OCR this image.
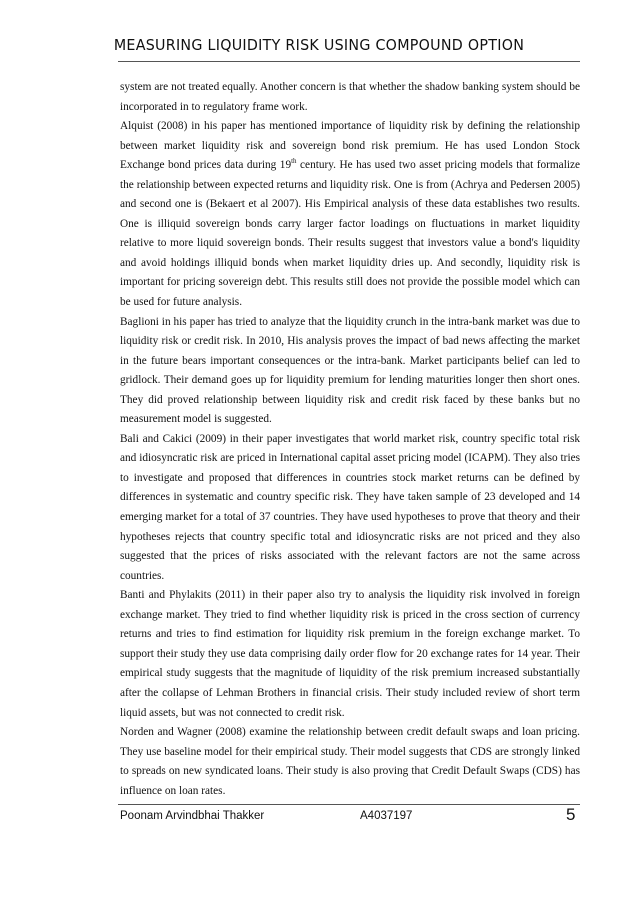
MEASURING LIQUIDITY RISK USING COMPOUND OPTION

system are not treated equally. Another concern is that whether the shadow banking system should be incorporated in to regulatory frame work.

Alquist (2008) in his paper has mentioned importance of liquidity risk by defining the relationship between market liquidity risk and sovereign bond risk premium. He has used London Stock Exchange bond prices data during 19th century. He has used two asset pricing models that formalize the relationship between expected returns and liquidity risk. One is from (Achrya and Pedersen 2005) and second one is (Bekaert et al 2007). His Empirical analysis of these data establishes two results. One is illiquid sovereign bonds carry larger factor loadings on fluctuations in market liquidity relative to more liquid sovereign bonds. Their results suggest that investors value a bond's liquidity and avoid holdings illiquid bonds when market liquidity dries up. And secondly, liquidity risk is important for pricing sovereign debt. This results still does not provide the possible model which can be used for future analysis.

Baglioni in his paper has tried to analyze that the liquidity crunch in the intra-bank market was due to liquidity risk or credit risk. In 2010, His analysis proves the impact of bad news affecting the market in the future bears important consequences or the intra-bank. Market participants belief can led to gridlock. Their demand goes up for liquidity premium for lending maturities longer then short ones. They did proved relationship between liquidity risk and credit risk faced by these banks but no measurement model is suggested.

Bali and Cakici (2009) in their paper investigates that world market risk, country specific total risk and idiosyncratic risk are priced in International capital asset pricing model (ICAPM). They also tries to investigate and proposed that differences in countries stock market returns can be defined by differences in systematic and country specific risk. They have taken sample of 23 developed and 14 emerging market for a total of 37 countries. They have used hypotheses to prove that theory and their hypotheses rejects that country specific total and idiosyncratic risks are not priced and they also suggested that the prices of risks associated with the relevant factors are not the same across countries.

Banti and Phylakits (2011) in their paper also try to analysis the liquidity risk involved in foreign exchange market. They tried to find whether liquidity risk is priced in the cross section of currency returns and tries to find estimation for liquidity risk premium in the foreign exchange market. To support their study they use data comprising daily order flow for 20 exchange rates for 14 year. Their empirical study suggests that the magnitude of liquidity of the risk premium increased substantially after the collapse of Lehman Brothers in financial crisis. Their study included review of short term liquid assets, but was not connected to credit risk.

Norden and Wagner (2008) examine the relationship between credit default swaps and loan pricing. They use baseline model for their empirical study. Their model suggests that CDS are strongly linked to spreads on new syndicated loans. Their study is also proving that Credit Default Swaps (CDS) has influence on loan rates.

Poonam Arvindbhai Thakker	A4037197	5
